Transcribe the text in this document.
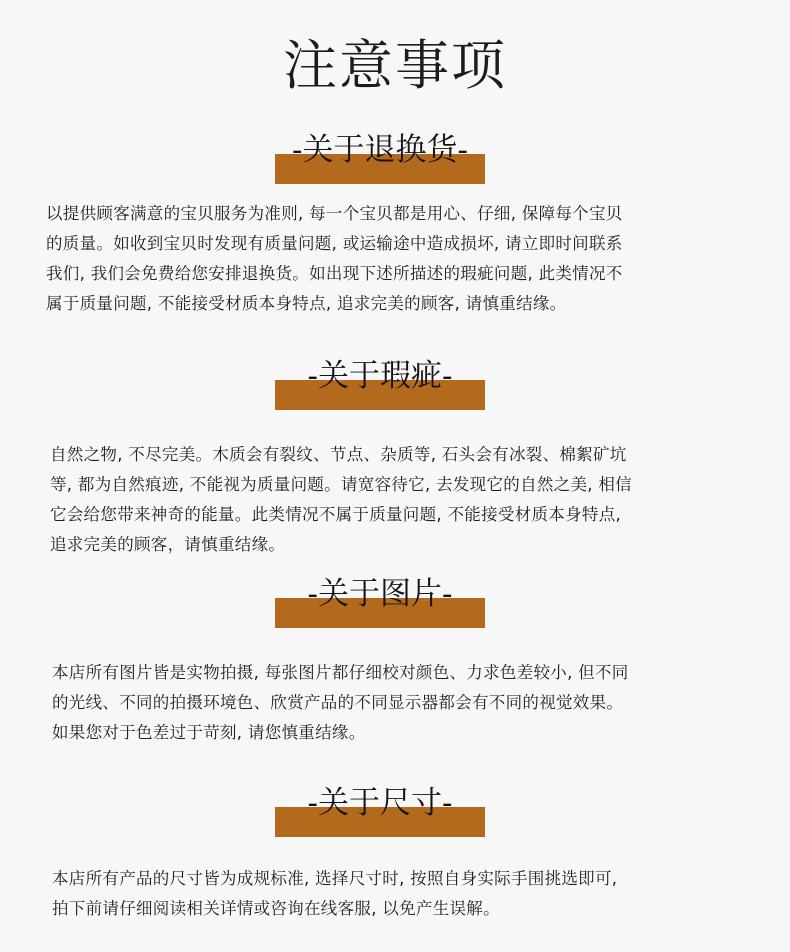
注意事项
-关于退换货-
以提供顾客满意的宝贝服务为准则, 每一个宝贝都是用心、仔细, 保障每个宝贝
的质量。如收到宝贝时发现有质量问题, 或运输途中造成损坏, 请立即时间联系
我们, 我们会免费给您安排退换货。如出现下述所描述的瑕疵问题, 此类情况不
属于质量问题, 不能接受材质本身特点, 追求完美的顾客, 请慎重结缘。
-关于瑕疵-
自然之物, 不尽完美。木质会有裂纹、节点、杂质等, 石头会有冰裂、棉絮矿坑
等, 都为自然痕迹, 不能视为质量问题。请宽容待它, 去发现它的自然之美, 相信
它会给您带来神奇的能量。此类情况不属于质量问题, 不能接受材质本身特点,
追求完美的顾客，请慎重结缘。
-关于图片-
本店所有图片皆是实物拍摄, 每张图片都仔细校对颜色、力求色差较小, 但不同
的光线、不同的拍摄环境色、欣赏产品的不同显示器都会有不同的视觉效果。
如果您对于色差过于苛刻, 请您慎重结缘。
-关于尺寸-
本店所有产品的尺寸皆为成规标准, 选择尺寸时, 按照自身实际手围挑选即可,
拍下前请仔细阅读相关详情或咨询在线客服, 以免产生误解。
